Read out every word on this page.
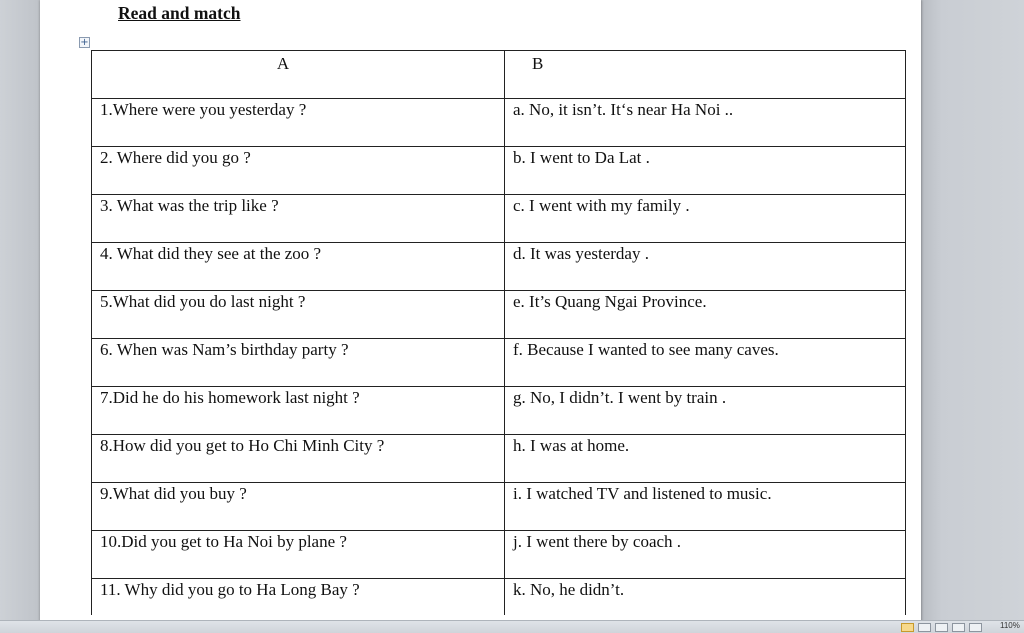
Read and match
+
A	B
1.Where were you yesterday ?	a. No, it isn’t. It‘s near Ha Noi ..
2. Where did you go ?	b. I went to Da Lat .
3. What was the trip like ?	c. I went with my family .
4. What did they see at the zoo ?	d. It was yesterday .
5.What did you do last night ?	e. It’s Quang Ngai Province.
6. When was Nam’s birthday party ?	f. Because I wanted to see many caves.
7.Did he do his homework last night ?	g. No, I didn’t. I went by train .
8.How did you get to Ho Chi Minh City ?	h. I was at home.
9.What did you buy ?	i. I watched TV and listened to music.
10.Did you get to Ha Noi by plane ?	j. I went there by coach .
11. Why did you go to Ha Long Bay ?	k. No, he didn’t.
110%
